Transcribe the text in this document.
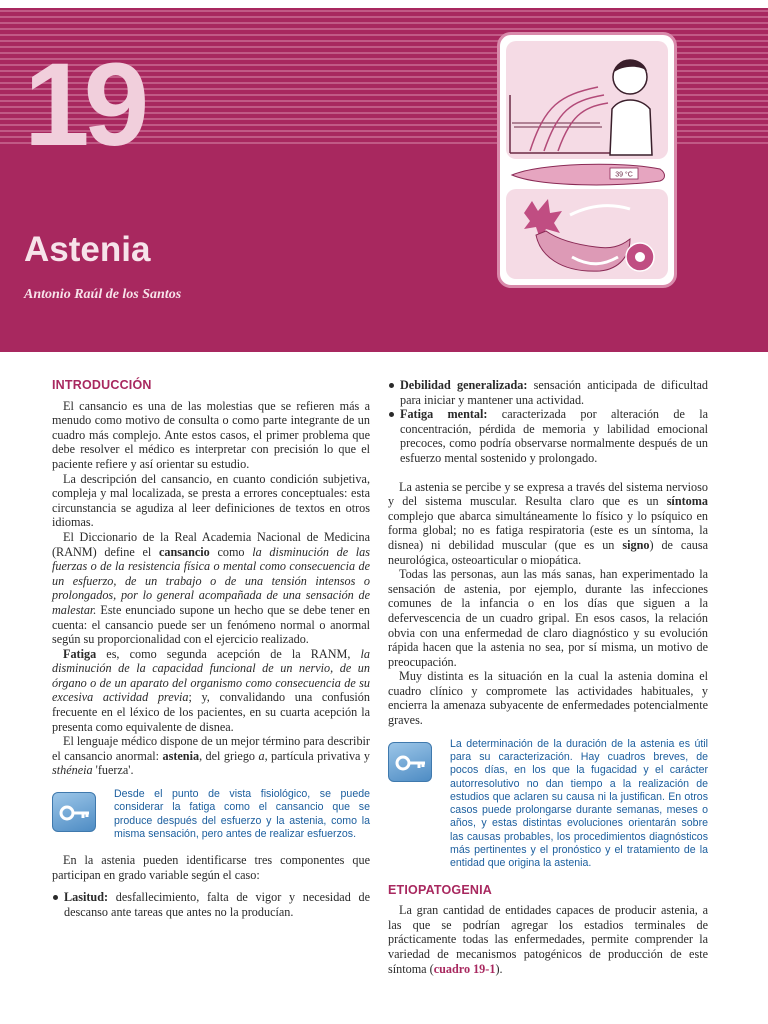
19
Astenia
Antonio Raúl de los Santos
39 °C
INTRODUCCIÓN

El cansancio es una de las molestias que se refieren más a menudo como motivo de consulta o como parte integrante de un cuadro más complejo. Ante estos casos, el primer problema que debe resolver el médico es interpretar con precisión lo que el paciente refiere y así orientar su estudio.

La descripción del cansancio, en cuanto condición subjetiva, compleja y mal localizada, se presta a errores conceptuales: esta circunstancia se agudiza al leer definiciones de textos en otros idiomas.

El Diccionario de la Real Academia Nacional de Medicina (RANM) define el cansancio como la disminución de las fuerzas o de la resistencia física o mental como consecuencia de un esfuerzo, de un trabajo o de una tensión intensos o prolongados, por lo general acompañada de una sensación de malestar. Este enunciado supone un hecho que se debe tener en cuenta: el cansancio puede ser un fenómeno normal o anormal según su proporcionalidad con el ejercicio realizado.

Fatiga es, como segunda acepción de la RANM, la disminución de la capacidad funcional de un nervio, de un órgano o de un aparato del organismo como consecuencia de su excesiva actividad previa; y, convalidando una confusión frecuente en el léxico de los pacientes, en su cuarta acepción la presenta como equivalente de disnea.

El lenguaje médico dispone de un mejor término para describir el cansancio anormal: astenia, del griego a, partícula privativa y sthéneia 'fuerza'.

Desde el punto de vista fisiológico, se puede considerar la fatiga como el cansancio que se produce después del esfuerzo y la astenia, como la misma sensación, pero antes de realizar esfuerzos.

En la astenia pueden identificarse tres componentes que participan en grado variable según el caso:

Lasitud: desfallecimiento, falta de vigor y necesidad de descanso ante tareas que antes no la producían.
Debilidad generalizada: sensación anticipada de dificultad para iniciar y mantener una actividad.
Fatiga mental: caracterizada por alteración de la concentración, pérdida de memoria y labilidad emocional precoces, como podría observarse normalmente después de un esfuerzo mental sostenido y prolongado.

La astenia se percibe y se expresa a través del sistema nervioso y del sistema muscular. Resulta claro que es un síntoma complejo que abarca simultáneamente lo físico y lo psíquico en forma global; no es fatiga respiratoria (este es un síntoma, la disnea) ni debilidad muscular (que es un signo) de causa neurológica, osteoarticular o miopática.

Todas las personas, aun las más sanas, han experimentado la sensación de astenia, por ejemplo, durante las infecciones comunes de la infancia o en los días que siguen a la defervescencia de un cuadro gripal. En esos casos, la relación obvia con una enfermedad de claro diagnóstico y su evolución rápida hacen que la astenia no sea, por sí misma, un motivo de preocupación.

Muy distinta es la situación en la cual la astenia domina el cuadro clínico y compromete las actividades habituales, y encierra la amenaza subyacente de enfermedades potencialmente graves.

La determinación de la duración de la astenia es útil para su caracterización. Hay cuadros breves, de pocos días, en los que la fugacidad y el carácter autorresolutivo no dan tiempo a la realización de estudios que aclaren su causa ni la justifican. En otros casos puede prolongarse durante semanas, meses o años, y estas distintas evoluciones orientarán sobre las causas probables, los procedimientos diagnósticos más pertinentes y el pronóstico y el tratamiento de la entidad que origina la astenia.
ETIOPATOGENIA

La gran cantidad de entidades capaces de producir astenia, a las que se podrían agregar los estadios terminales de prácticamente todas las enfermedades, permite comprender la variedad de mecanismos patogénicos de producción de este síntoma (cuadro 19-1).
